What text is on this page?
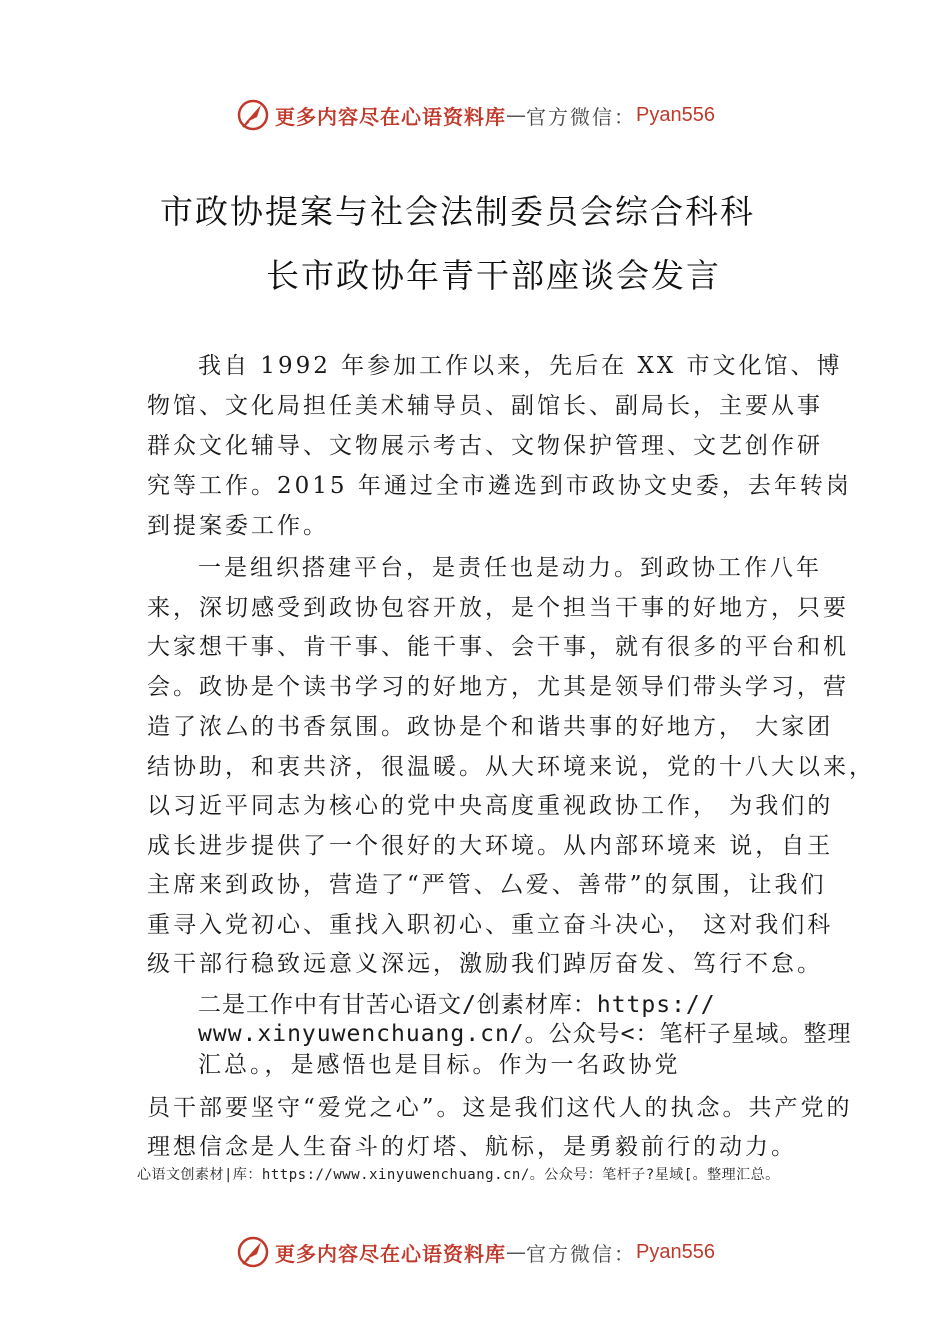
更多内容尽在心语资料库 — 官方微信： Pyan556
市政协提案与社会法制委员会综合科科
长市政协年青干部座谈会发言
我自 1992 年参加工作以来，先后在 XX 市文化馆、博
物馆、文化局担任美术辅导员、副馆长、副局长，主要从事
群众文化辅导、文物展示考古、文物保护管理、文艺创作研
究等工作。2015 年通过全市遴选到市政协文史委，去年转岗
到提案委工作。
一是组织搭建平台，是责任也是动力。到政协工作八年
来，深切感受到政协包容开放，是个担当干事的好地方，只要
大家想干事、肯干事、能干事、会干事，就有很多的平台和机
会。政协是个读书学习的好地方，尤其是领导们带头学习，营
造了浓厶的书香氛围。政协是个和谐共事的好地方， 大家团
结协助，和衷共济，很温暖。从大环境来说，党的十八大以来，
以习近平同志为核心的党中央高度重视政协工作， 为我们的
成长进步提供了一个很好的大环境。从内部环境来 说，自王
主席来到政协，营造了“严管、厶爱、善带”的氛围，让我们
重寻入党初心、重找入职初心、重立奋斗决心， 这对我们科
级干部行稳致远意义深远，激励我们踔厉奋发、笃行不怠。
二是工作中有甘苦心语文/创素材库：https://
www.xinyuwenchuang.cn/。公众号<：笔杆子星域。整理
汇总。，是感悟也是目标。作为一名政协党
员干部要坚守“爱党之心”。这是我们这代人的执念。共产党的
理想信念是人生奋斗的灯塔、航标，是勇毅前行的动力。
心语文创素材|库：https://www.xinyuwenchuang.cn/。公众号：笔杆子?星域[。整理汇总。
更多内容尽在心语资料库 — 官方微信： Pyan556
